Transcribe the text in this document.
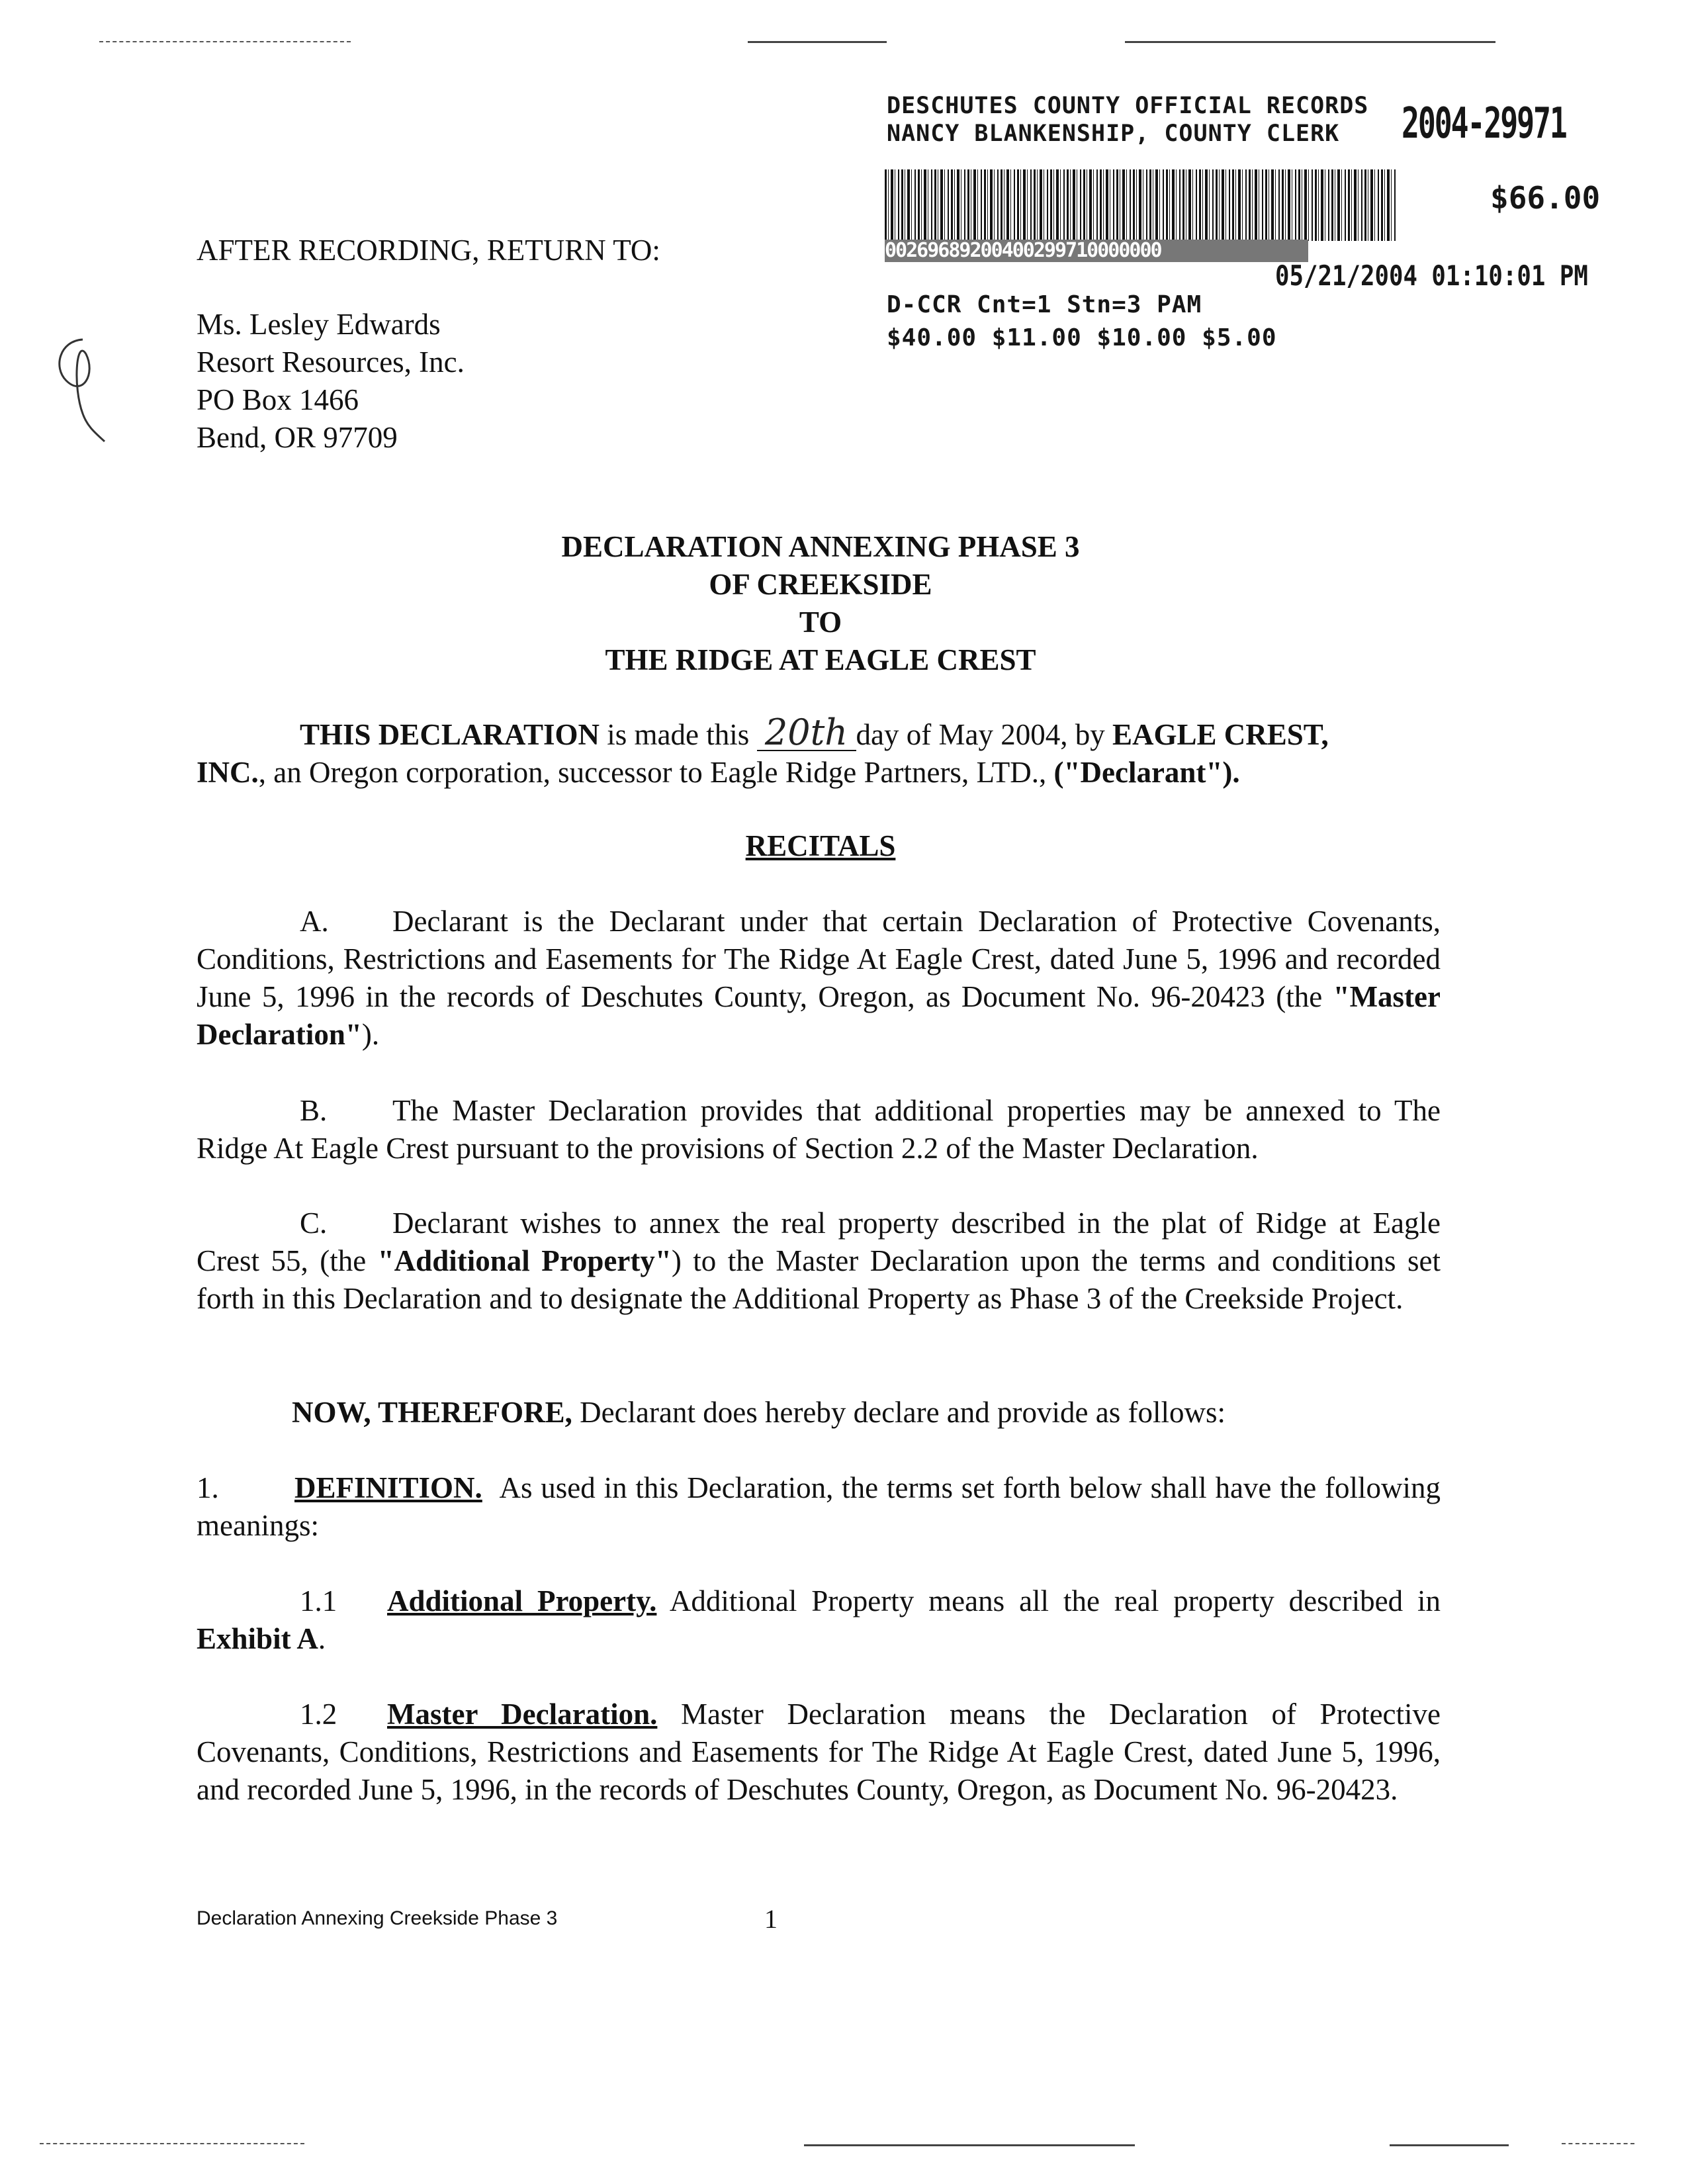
DESCHUTES COUNTY OFFICIAL RECORDS
NANCY BLANKENSHIP, COUNTY CLERK 2004-29971
00269689200400299710000000
$66.00
05/21/2004 01:10:01 PM
D-CCR Cnt=1 Stn=3 PAM
$40.00 $11.00 $10.00 $5.00
AFTER RECORDING, RETURN TO:
Ms. Lesley Edwards
Resort Resources, Inc.
PO Box 1466
Bend, OR 97709
DECLARATION ANNEXING PHASE 3
OF CREEKSIDE
TO
THE RIDGE AT EAGLE CREST
THIS DECLARATION is made this 20th day of May 2004, by EAGLE CREST,
INC., an Oregon corporation, successor to Eagle Ridge Partners, LTD., ("Declarant").
RECITALS
A. Declarant is the Declarant under that certain Declaration of Protective Covenants, Conditions, Restrictions and Easements for The Ridge At Eagle Crest, dated June 5, 1996 and recorded June 5, 1996 in the records of Deschutes County, Oregon, as Document No. 96-20423 (the "Master Declaration").
B. The Master Declaration provides that additional properties may be annexed to The Ridge At Eagle Crest pursuant to the provisions of Section 2.2 of the Master Declaration.
C. Declarant wishes to annex the real property described in the plat of Ridge at Eagle Crest 55, (the "Additional Property") to the Master Declaration upon the terms and conditions set forth in this Declaration and to designate the Additional Property as Phase 3 of the Creekside Project.
NOW, THEREFORE, Declarant does hereby declare and provide as follows:
1.	DEFINITION. As used in this Declaration, the terms set forth below shall have the following meanings:
1.1 Additional Property. Additional Property means all the real property described in Exhibit A.
1.2 Master Declaration. Master Declaration means the Declaration of Protective Covenants, Conditions, Restrictions and Easements for The Ridge At Eagle Crest, dated June 5, 1996, and recorded June 5, 1996, in the records of Deschutes County, Oregon, as Document No. 96-20423.
Declaration Annexing Creekside Phase 3	1
